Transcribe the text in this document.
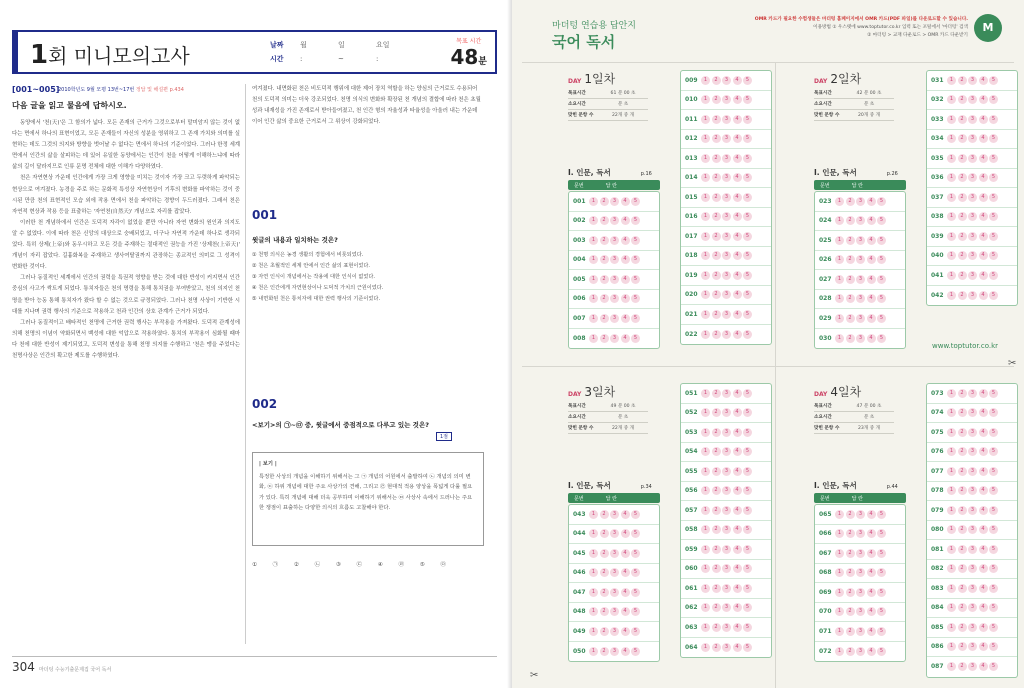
1회 미니모의고사	날짜 월	일	요일
시간 :	~	:
목표 시간
48분
[001~005]
2010학년도 9월 모평 13번~17번 정답 및 해설편 p.434
다음 글을 읽고 물음에 답하시오.

동양에서 '천(天)'은 그 함의가 넓다. 모든 존재의 근거가 그것으로부터 말미암지 않는 것이 없다는 면에서 하나의 표현이었고, 모든 존재들이 자신의 성분을 영위하고 그 존재 가치와 의미를 실현하는 데도 그것의 의지와 방향을 벗어날 수 없다는 면에서 하나의 기준이었다. 그러나 한정 세계 면에서 인간의 삶을 살피하는 데 있어 유일한 동양에서는 인간이 천을 어떻게 이해하느냐에 따라 삶의 길이 달라지므로 인류 문명 전체에 대한 이해가 다양하였다.

천은 자연현상 가운데 인간에게 가장 크게 영향을 미치는 것이자 가장 크고 두렷하게 파악되는 현상으로 여겨졌다. 농경을 주로 하는 문화적 특성상 자연현상이 기후의 변화를 파악하는 것이 중시된 만큼 천의 표현적인 모습 외에 작용 면에서 천을 파악하는 경향이 두드러졌다. 그래서 천은 자연적 현상과 작용 등을 표출하는 '자연천(自然天)' 개념으로 자리를 잡았다.

이러한 천 개념하에서 인간은 도덕적 자각이 없었을 뿐만 아니라 자연 변화의 원인과 의지도 알 수 없었다. 이에 따라 천은 신앙의 대상으로 숭배되었고, 더구나 자연적 가운데 하나로 생각되었다. 특히 상제(上帝)와 동우시하고 모든 것을 주재하는 절대적인 권능을 가진 '상제천(上帝天)' 개념이 자리 잡았다. 길흉화복을 주재하고 생사여탈권까지 관장하는 종교적인 의미로 그 성격이 변화한 것이다.

그러나 동질적인 세계에서 인간의 권력을 특권적 영향을 받는 것에 대한 반성이 커지면서 인간 중심의 사고가 싹트게 되었다. 통치자들은 천의 명령을 통해 통치권을 부여받았고, 천의 의지인 천명을 받아 능동 통해 통치자가 왔다 할 수 없는 것으로 규정되었다. 그러나 천명 사상이 기반한 시대를 지나며 권력 행사의 기준으로 작용하고 천과 인간의 상호 관계가 근거가 되었다.

그러나 동질적이고 배타적인 천명에 근거한 권력 행사는 부작용을 가져왔다. 도덕적 관계성에 의해 천명의 이념이 약화되면서 백성에 대한 억압으로 작용하였다. 통치의 부작용이 심화될 때마다 천에 대한 반성이 제기되었고, 도덕적 변성을 통해 천명 의지를 수행하고 '천은 맹을 주었다는 천명사상은 인간의 확고한 제도를 수행하였다.

여겨졌다. 내면화된 천은 비도덕적 행위에 대한 제어 장치 역할을 하는 양심의 근거로도 수용되어 천의 도덕적 의미는 더욱 강조되었다. 천명 의식의 변화와 확장된 천 개념의 결합에 따라 천은 초월성과 내재성을 가진 존재로서 받아들여졌고, 천 인간 형의 자율성과 타율성을 아울러 내는 가운데 이어 인간 삶의 중요한 근거로서 그 위상이 강화되었다.
001
윗글의 내용과 일치하는 것은?
① 천명 의식은 농경 생활의 경험에서 비롯되었다.
② 천은 초월적인 세계 안에서 인간 삶의 표현이었다.
③ 자연 인식이 개념에서는 작용에 대한 인식이 없었다.
④ 천은 인간에게 자연현상이나 도덕적 가치의 근원이었다.
⑤ 내면화된 천은 통치자에 대한 권력 행사의 기준이었다.
002
<보기>의 ㉠~㉤ 중, 윗글에서 중점적으로 다루고 있는 것은?
1점
| 보기 |
특정한 사상의 개념을 이해하기 위해서는 그 ㉠ 개념의 어원에서 출발하여 ㉡ 개념의 의미 변화, ㉢ 하위 개념에 대한 주요 사상가의 견해, 그리고 ㉣ 현대적 적용 양상을 폭넓게 다룰 필요가 있다. 특히 개념에 대해 더욱 공부하며 이해하기 위해서는 ㉤ 사상사 속에서 드러나는 주요한 쟁점이 표출하는 다양한 의식의 흐름도 고찰해야 한다.
① ㉠ ② ㉡ ③ ㉢ ④ ㉣ ⑤ ㉤
304 마더텅 수능기출문제집 국어 독서
마더텅 연습용 답안지
국어 독서
OMR 카드가 필요한 수험생들은 마더텅 홈페이지에서 OMR 카드(PDF 파일)를 다운로드할 수 있습니다.
이용방법 ① 우스탯에 www.toptutor.co.kr 입력 또는 포털에서 '마더텅' 검색
② 마더텅 > 교재 다운로드 > OMR 카드 다운받기
M
www.toptutor.co.kr
✂
✂
DAY 1일차
목표시간	61 분 00 초
소요시간	분 초
맞힌 문항 수	22개 중 개
Ⅰ. 인문, 독서	p.16
문번	답 란
001	1	2	3	4	5
002	1	2	3	4	5
003	1	2	3	4	5
004	1	2	3	4	5
005	1	2	3	4	5
006	1	2	3	4	5
007	1	2	3	4	5
008	1	2	3	4	5
009	1	2	3	4	5
010	1	2	3	4	5
011	1	2	3	4	5
012	1	2	3	4	5
013	1	2	3	4	5
014	1	2	3	4	5
015	1	2	3	4	5
016	1	2	3	4	5
017	1	2	3	4	5
018	1	2	3	4	5
019	1	2	3	4	5
020	1	2	3	4	5
021	1	2	3	4	5
022	1	2	3	4	5
DAY 2일차
목표시간	42 분 00 초
소요시간	분 초
맞힌 문항 수	20개 중 개
Ⅰ. 인문, 독서	p.26
문번	답 란
023	1	2	3	4	5
024	1	2	3	4	5
025	1	2	3	4	5
026	1	2	3	4	5
027	1	2	3	4	5
028	1	2	3	4	5
029	1	2	3	4	5
030	1	2	3	4	5
031	1	2	3	4	5
032	1	2	3	4	5
033	1	2	3	4	5
034	1	2	3	4	5
035	1	2	3	4	5
036	1	2	3	4	5
037	1	2	3	4	5
038	1	2	3	4	5
039	1	2	3	4	5
040	1	2	3	4	5
041	1	2	3	4	5
042	1	2	3	4	5
DAY 3일차
목표시간	49 분 00 초
소요시간	분 초
맞힌 문항 수	22개 중 개
Ⅰ. 인문, 독서	p.34
문번	답 란
043	1	2	3	4	5
044	1	2	3	4	5
045	1	2	3	4	5
046	1	2	3	4	5
047	1	2	3	4	5
048	1	2	3	4	5
049	1	2	3	4	5
050	1	2	3	4	5
051	1	2	3	4	5
052	1	2	3	4	5
053	1	2	3	4	5
054	1	2	3	4	5
055	1	2	3	4	5
056	1	2	3	4	5
057	1	2	3	4	5
058	1	2	3	4	5
059	1	2	3	4	5
060	1	2	3	4	5
061	1	2	3	4	5
062	1	2	3	4	5
063	1	2	3	4	5
064	1	2	3	4	5
DAY 4일차
목표시간	47 분 00 초
소요시간	분 초
맞힌 문항 수	23개 중 개
Ⅰ. 인문, 독서	p.44
문번	답 란
065	1	2	3	4	5
066	1	2	3	4	5
067	1	2	3	4	5
068	1	2	3	4	5
069	1	2	3	4	5
070	1	2	3	4	5
071	1	2	3	4	5
072	1	2	3	4	5
073	1	2	3	4	5
074	1	2	3	4	5
075	1	2	3	4	5
076	1	2	3	4	5
077	1	2	3	4	5
078	1	2	3	4	5
079	1	2	3	4	5
080	1	2	3	4	5
081	1	2	3	4	5
082	1	2	3	4	5
083	1	2	3	4	5
084	1	2	3	4	5
085	1	2	3	4	5
086	1	2	3	4	5
087	1	2	3	4	5
